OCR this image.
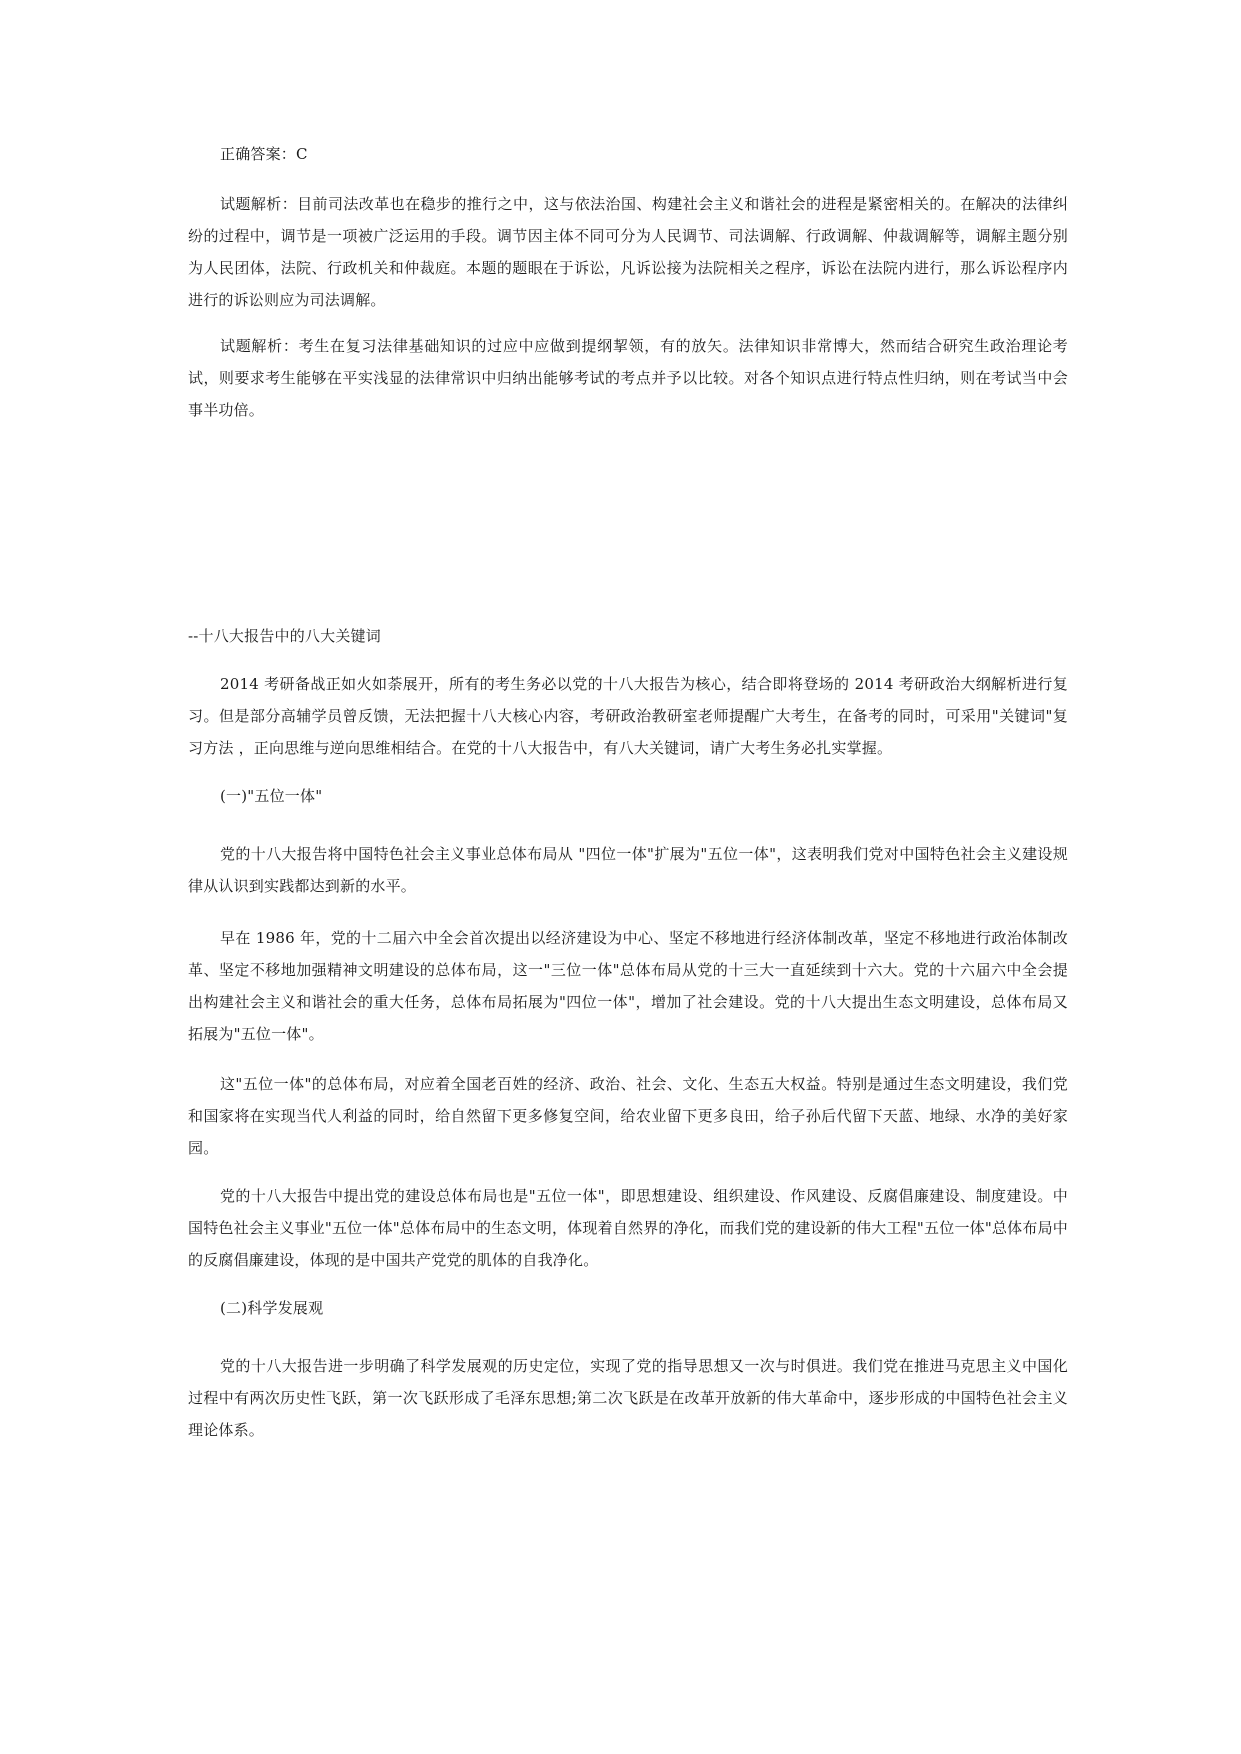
正确答案：C
试题解析：目前司法改革也在稳步的推行之中，这与依法治国、构建社会主义和谐社会的进程是紧密相关的。在解决的法律纠纷的过程中，调节是一项被广泛运用的手段。调节因主体不同可分为人民调节、司法调解、行政调解、仲裁调解等，调解主题分别为人民团体，法院、行政机关和仲裁庭。本题的题眼在于诉讼，凡诉讼接为法院相关之程序，诉讼在法院内进行，那么诉讼程序内进行的诉讼则应为司法调解。
试题解析：考生在复习法律基础知识的过应中应做到提纲挈领，有的放矢。法律知识非常博大，然而结合研究生政治理论考试，则要求考生能够在平实浅显的法律常识中归纳出能够考试的考点并予以比较。对各个知识点进行特点性归纳，则在考试当中会事半功倍。
--十八大报告中的八大关键词
2014 考研备战正如火如荼展开，所有的考生务必以党的十八大报告为核心，结合即将登场的 2014 考研政治大纲解析进行复习。但是部分高辅学员曾反馈，无法把握十八大核心内容，考研政治教研室老师提醒广大考生，在备考的同时，可采用"关键词"复习方法 ，正向思维与逆向思维相结合。在党的十八大报告中，有八大关键词，请广大考生务必扎实掌握。
(一)"五位一体"
党的十八大报告将中国特色社会主义事业总体布局从 "四位一体"扩展为"五位一体"，这表明我们党对中国特色社会主义建设规律从认识到实践都达到新的水平。
早在 1986 年，党的十二届六中全会首次提出以经济建设为中心、坚定不移地进行经济体制改革，坚定不移地进行政治体制改革、坚定不移地加强精神文明建设的总体布局，这一"三位一体"总体布局从党的十三大一直延续到十六大。党的十六届六中全会提出构建社会主义和谐社会的重大任务，总体布局拓展为"四位一体"，增加了社会建设。党的十八大提出生态文明建设，总体布局又拓展为"五位一体"。
这"五位一体"的总体布局，对应着全国老百姓的经济、政治、社会、文化、生态五大权益。特别是通过生态文明建设，我们党和国家将在实现当代人利益的同时，给自然留下更多修复空间，给农业留下更多良田，给子孙后代留下天蓝、地绿、水净的美好家园。
党的十八大报告中提出党的建设总体布局也是"五位一体"，即思想建设、组织建设、作风建设、反腐倡廉建设、制度建设。中国特色社会主义事业"五位一体"总体布局中的生态文明，体现着自然界的净化，而我们党的建设新的伟大工程"五位一体"总体布局中的反腐倡廉建设，体现的是中国共产党党的肌体的自我净化。
(二)科学发展观
党的十八大报告进一步明确了科学发展观的历史定位，实现了党的指导思想又一次与时俱进。我们党在推进马克思主义中国化过程中有两次历史性飞跃，第一次飞跃形成了毛泽东思想;第二次飞跃是在改革开放新的伟大革命中，逐步形成的中国特色社会主义理论体系。
